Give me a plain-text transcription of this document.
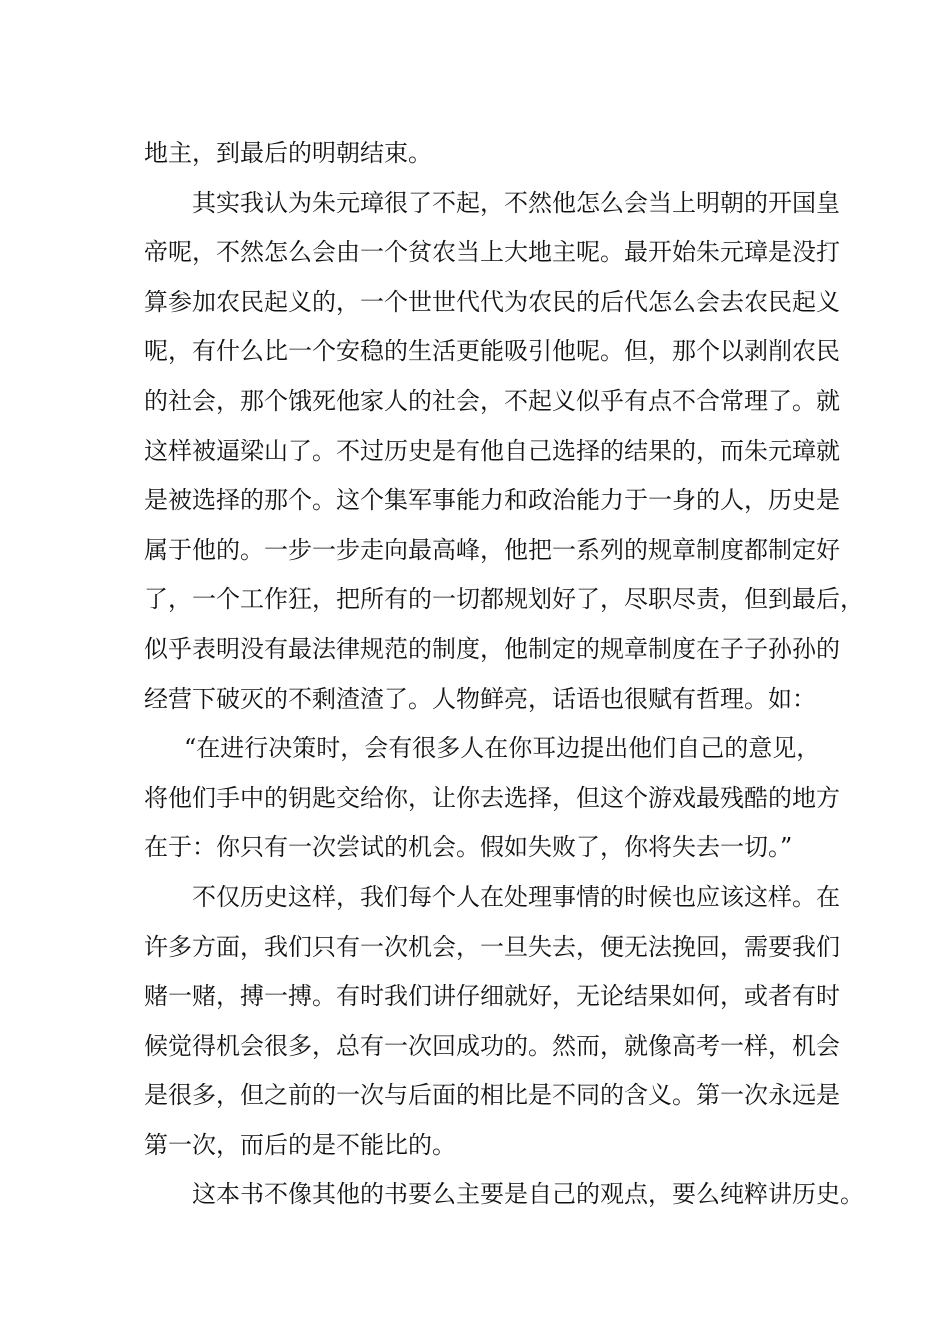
地主，到最后的明朝结束。
其实我认为朱元璋很了不起，不然他怎么会当上明朝的开国皇
帝呢，不然怎么会由一个贫农当上大地主呢。最开始朱元璋是没打
算参加农民起义的，一个世世代代为农民的后代怎么会去农民起义
呢，有什么比一个安稳的生活更能吸引他呢。但，那个以剥削农民
的社会，那个饿死他家人的社会，不起义似乎有点不合常理了。就
这样被逼梁山了。不过历史是有他自己选择的结果的，而朱元璋就
是被选择的那个。这个集军事能力和政治能力于一身的人，历史是
属于他的。一步一步走向最高峰，他把一系列的规章制度都制定好
了，一个工作狂，把所有的一切都规划好了，尽职尽责，但到最后，
似乎表明没有最法律规范的制度，他制定的规章制度在子子孙孙的
经营下破灭的不剩渣渣了。人物鲜亮，话语也很赋有哲理。如：
“在进行决策时，会有很多人在你耳边提出他们自己的意见，
将他们手中的钥匙交给你，让你去选择，但这个游戏最残酷的地方
在于：你只有一次尝试的机会。假如失败了，你将失去一切。”
不仅历史这样，我们每个人在处理事情的时候也应该这样。在
许多方面，我们只有一次机会，一旦失去，便无法挽回，需要我们
赌一赌，搏一搏。有时我们讲仔细就好，无论结果如何，或者有时
候觉得机会很多，总有一次回成功的。然而，就像高考一样，机会
是很多，但之前的一次与后面的相比是不同的含义。第一次永远是
第一次，而后的是不能比的。
这本书不像其他的书要么主要是自己的观点，要么纯粹讲历史。
